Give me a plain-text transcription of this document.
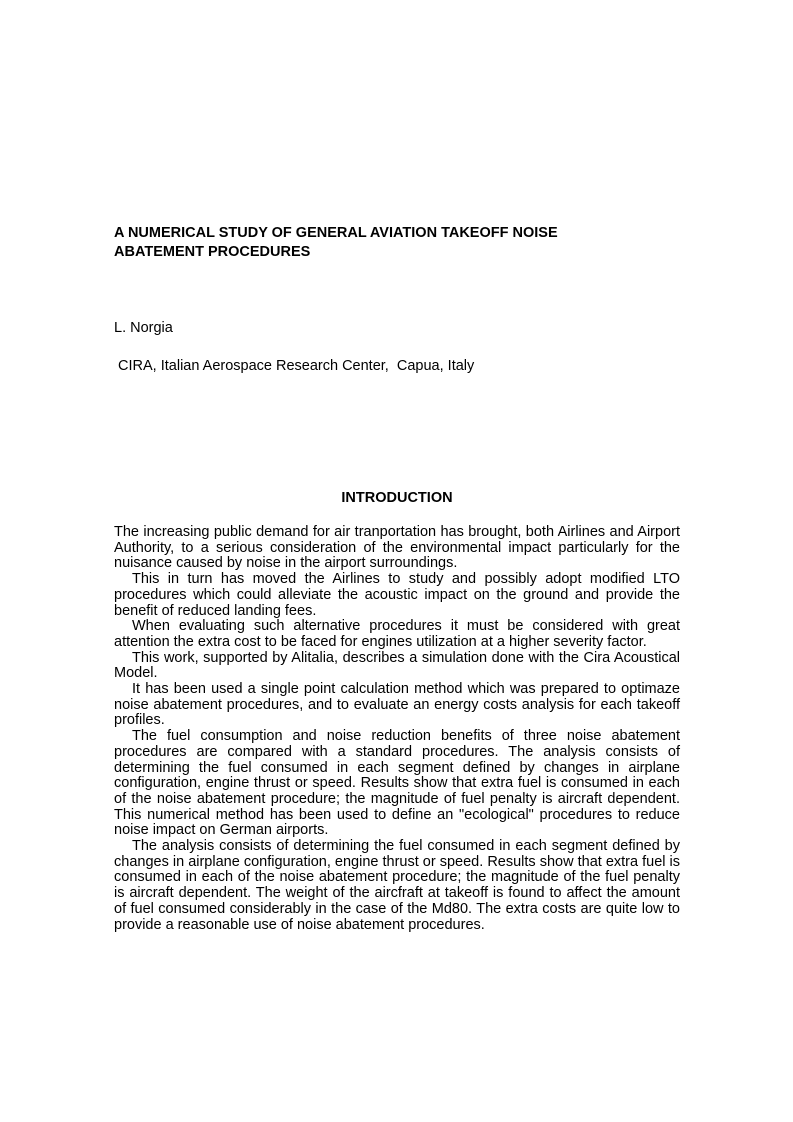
A NUMERICAL STUDY OF GENERAL AVIATION TAKEOFF NOISE
ABATEMENT PROCEDURES

L. Norgia

CIRA, Italian Aerospace Research Center,  Capua, Italy

INTRODUCTION

The increasing public demand for air tranportation has brought, both Airlines and Airport Authority, to a serious consideration of the environmental impact particularly for the nuisance caused by noise in the airport surroundings.

This in turn has moved the Airlines to study and possibly adopt modified LTO procedures which could alleviate the acoustic impact on the ground and provide the benefit of reduced landing fees.

When evaluating such alternative procedures it must be considered with great attention the extra cost to be faced for engines utilization at a higher severity factor.

This work, supported by Alitalia, describes a simulation done with the Cira Acoustical Model.

It has been used a single point calculation method which was prepared to optimaze noise abatement procedures, and to evaluate an energy costs analysis for each takeoff profiles.

The fuel consumption and noise reduction benefits of three noise abatement procedures are compared with a standard procedures. The analysis consists of determining the fuel consumed in each segment defined by changes in airplane configuration, engine thrust or speed. Results show that extra fuel is consumed in each of the noise abatement procedure; the magnitude of fuel penalty is aircraft dependent. This numerical method has been used to define an "ecological" procedures to reduce noise impact on German airports.

The analysis consists of determining the fuel consumed in each segment defined by changes in airplane configuration, engine thrust or speed. Results show that extra fuel is consumed in each of the noise abatement procedure; the magnitude of the fuel penalty is aircraft dependent. The weight of the aircfraft at takeoff is found to affect the amount of fuel consumed considerably in the case of the Md80. The extra costs are quite low to provide a reasonable use of noise abatement procedures.
